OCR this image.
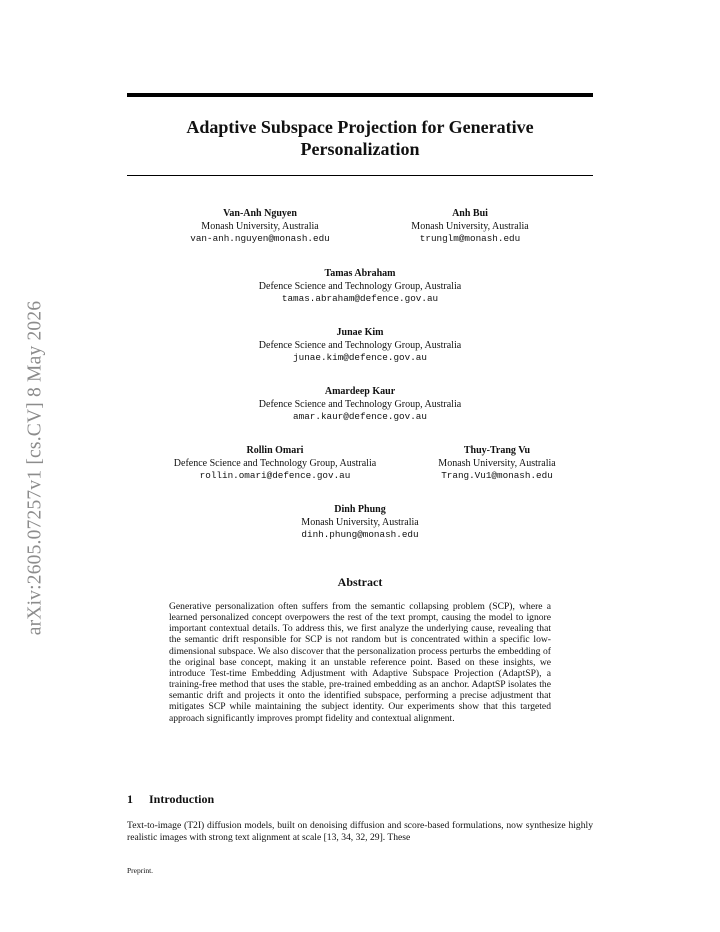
arXiv:2605.07257v1 [cs.CV] 8 May 2026
Adaptive Subspace Projection for Generative Personalization
Van-Anh Nguyen
Monash University, Australia
van-anh.nguyen@monash.edu
Anh Bui
Monash University, Australia
trunglm@monash.edu
Tamas Abraham
Defence Science and Technology Group, Australia
tamas.abraham@defence.gov.au
Junae Kim
Defence Science and Technology Group, Australia
junae.kim@defence.gov.au
Amardeep Kaur
Defence Science and Technology Group, Australia
amar.kaur@defence.gov.au
Rollin Omari
Defence Science and Technology Group, Australia
rollin.omari@defence.gov.au
Thuy-Trang Vu
Monash University, Australia
Trang.Vu1@monash.edu
Dinh Phung
Monash University, Australia
dinh.phung@monash.edu
Abstract

Generative personalization often suffers from the semantic collapsing problem (SCP), where a learned personalized concept overpowers the rest of the text prompt, causing the model to ignore important contextual details. To address this, we first analyze the underlying cause, revealing that the semantic drift responsible for SCP is not random but is concentrated within a specific low-dimensional subspace. We also discover that the personalization process perturbs the embedding of the original base concept, making it an unstable reference point. Based on these insights, we introduce Test-time Embedding Adjustment with Adaptive Subspace Projection (AdaptSP), a training-free method that uses the stable, pre-trained embedding as an anchor. AdaptSP isolates the semantic drift and projects it onto the identified subspace, performing a precise adjustment that mitigates SCP while maintaining the subject identity. Our experiments show that this targeted approach significantly improves prompt fidelity and contextual alignment.

1 Introduction

Text-to-image (T2I) diffusion models, built on denoising diffusion and score-based formulations, now synthesize highly realistic images with strong text alignment at scale [13, 34, 32, 29]. These

Preprint.
